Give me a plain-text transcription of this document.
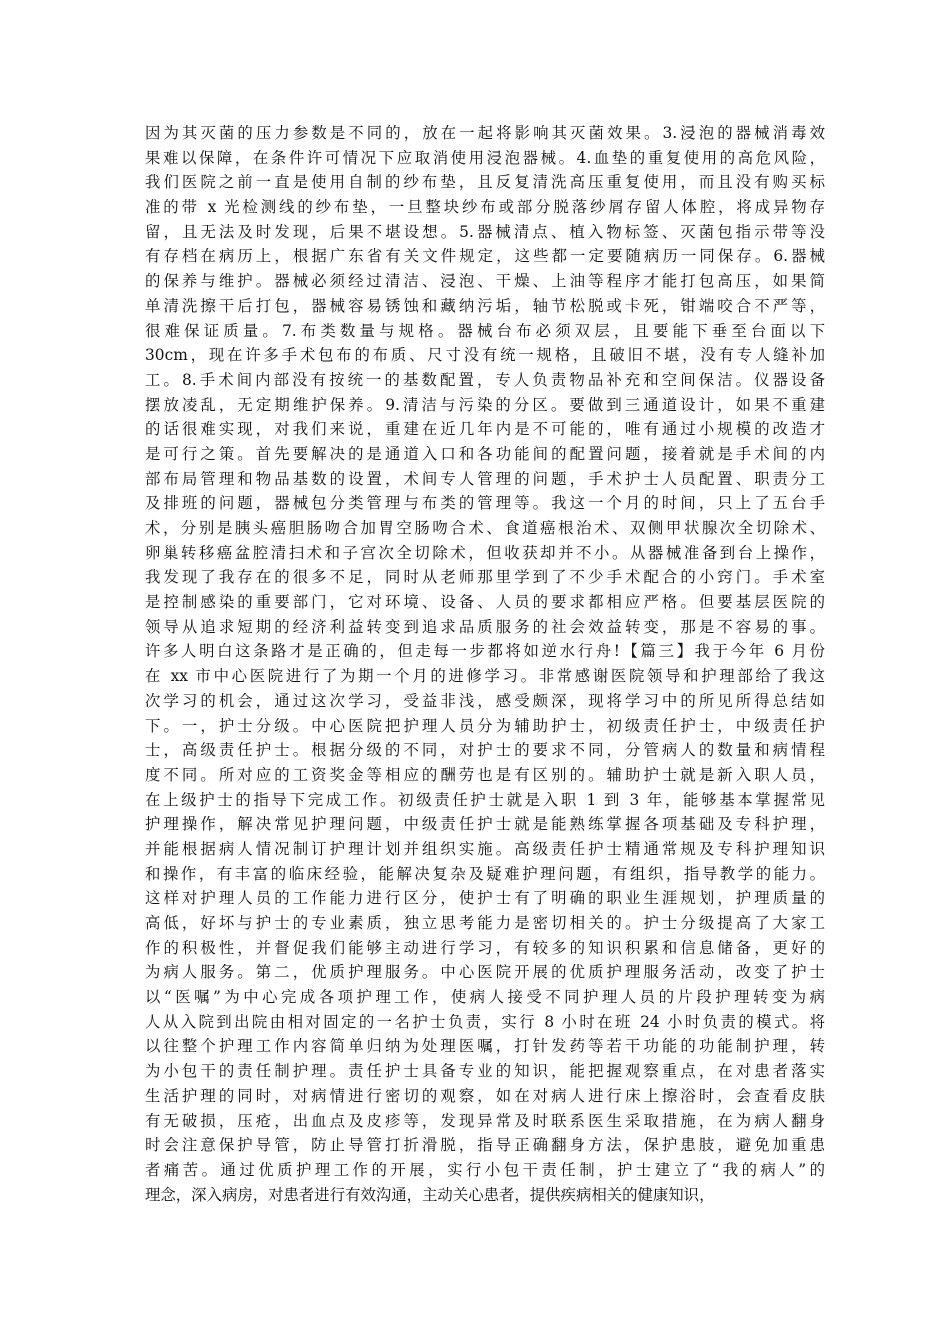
因为其灭菌的压力参数是不同的，放在一起将影响其灭菌效果。3.浸泡的器械消毒效
果难以保障，在条件许可情况下应取消使用浸泡器械。4.血垫的重复使用的高危风险，
我们医院之前一直是使用自制的纱布垫，且反复清洗高压重复使用，而且没有购买标
准的带 x 光检测线的纱布垫，一旦整块纱布或部分脱落纱屑存留人体腔，将成异物存
留，且无法及时发现，后果不堪设想。5.器械清点、植入物标签、灭菌包指示带等没
有存档在病历上，根据广东省有关文件规定，这些都一定要随病历一同保存。6.器械
的保养与维护。器械必须经过清洁、浸泡、干燥、上油等程序才能打包高压，如果简
单清洗擦干后打包，器械容易锈蚀和藏纳污垢，轴节松脱或卡死，钳端咬合不严等，
很难保证质量。7.布类数量与规格。器械台布必须双层，且要能下垂至台面以下
30cm，现在许多手术包布的布质、尺寸没有统一规格，且破旧不堪，没有专人缝补加
工。8.手术间内部没有按统一的基数配置，专人负责物品补充和空间保洁。仪器设备
摆放凌乱，无定期维护保养。9.清洁与污染的分区。要做到三通道设计，如果不重建
的话很难实现，对我们来说，重建在近几年内是不可能的，唯有通过小规模的改造才
是可行之策。首先要解决的是通道入口和各功能间的配置问题，接着就是手术间的内
部布局管理和物品基数的设置，术间专人管理的问题，手术护士人员配置、职责分工
及排班的问题，器械包分类管理与布类的管理等。我这一个月的时间，只上了五台手
术，分别是胰头癌胆肠吻合加胃空肠吻合术、食道癌根治术、双侧甲状腺次全切除术、
卵巢转移癌盆腔清扫术和子宫次全切除术，但收获却并不小。从器械准备到台上操作，
我发现了我存在的很多不足，同时从老师那里学到了不少手术配合的小窍门。手术室
是控制感染的重要部门，它对环境、设备、人员的要求都相应严格。但要基层医院的
领导从追求短期的经济利益转变到追求品质服务的社会效益转变，那是不容易的事。
许多人明白这条路才是正确的，但走每一步都将如逆水行舟!【篇三】我于今年 6 月份
在 xx 市中心医院进行了为期一个月的进修学习。非常感谢医院领导和护理部给了我这
次学习的机会，通过这次学习，受益非浅，感受颇深，现将学习中的所见所得总结如
下。一，护士分级。中心医院把护理人员分为辅助护士，初级责任护士，中级责任护
士，高级责任护士。根据分级的不同，对护士的要求不同，分管病人的数量和病情程
度不同。所对应的工资奖金等相应的酬劳也是有区别的。辅助护士就是新入职人员，
在上级护士的指导下完成工作。初级责任护士就是入职 1 到 3 年，能够基本掌握常见
护理操作，解决常见护理问题，中级责任护士就是能熟练掌握各项基础及专科护理，
并能根据病人情况制订护理计划并组织实施。高级责任护士精通常规及专科护理知识
和操作，有丰富的临床经验，能解决复杂及疑难护理问题，有组织，指导教学的能力。
这样对护理人员的工作能力进行区分，使护士有了明确的职业生涯规划，护理质量的
高低，好坏与护士的专业素质，独立思考能力是密切相关的。护士分级提高了大家工
作的积极性，并督促我们能够主动进行学习，有较多的知识积累和信息储备，更好的
为病人服务。第二，优质护理服务。中心医院开展的优质护理服务活动，改变了护士
以“医嘱”为中心完成各项护理工作，使病人接受不同护理人员的片段护理转变为病
人从入院到出院由相对固定的一名护士负责，实行 8 小时在班 24 小时负责的模式。将
以往整个护理工作内容简单归纳为处理医嘱，打针发药等若干功能的功能制护理，转
为小包干的责任制护理。责任护士具备专业的知识，能把握观察重点，在对患者落实
生活护理的同时，对病情进行密切的观察，如在对病人进行床上擦浴时，会查看皮肤
有无破损，压疮，出血点及皮疹等，发现异常及时联系医生采取措施，在为病人翻身
时会注意保护导管，防止导管打折滑脱，指导正确翻身方法，保护患肢，避免加重患
者痛苦。通过优质护理工作的开展，实行小包干责任制，护士建立了“我的病人”的
理念，深入病房，对患者进行有效沟通，主动关心患者，提供疾病相关的健康知识，
